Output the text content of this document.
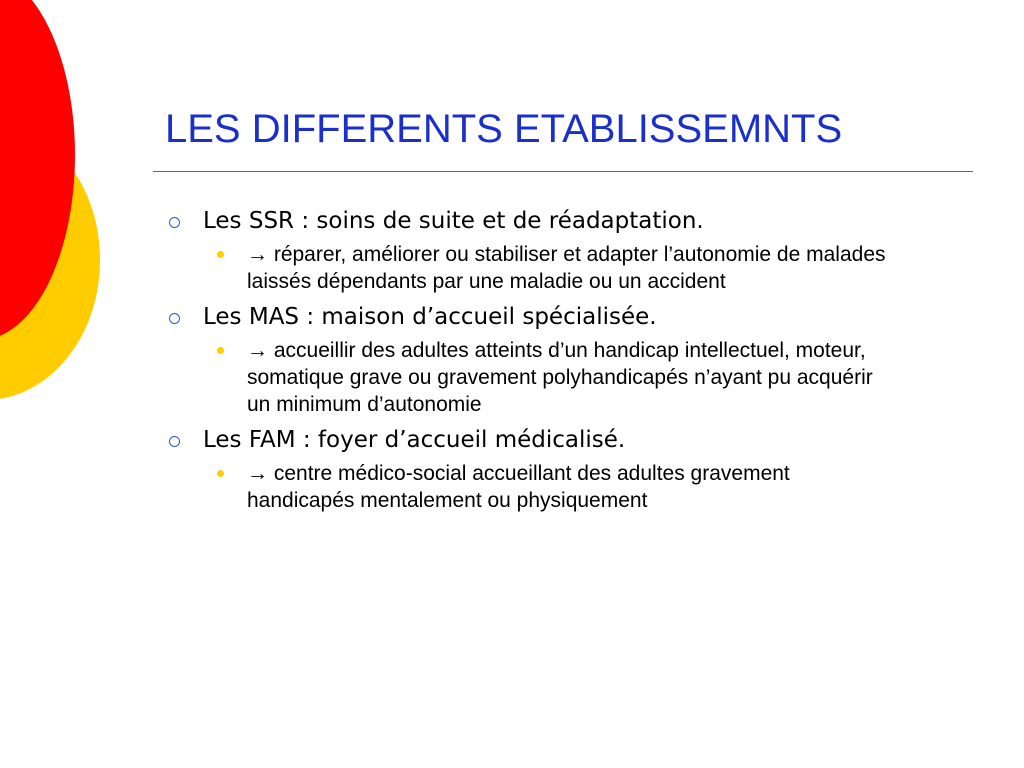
LES DIFFERENTS ETABLISSEMNTS
Les SSR : soins de suite et de réadaptation.
→ réparer, améliorer ou stabiliser et adapter l’autonomie de malades laissés dépendants par une maladie ou un accident
Les MAS : maison d’accueil spécialisée.
→ accueillir des adultes atteints d’un handicap intellectuel, moteur, somatique grave ou gravement polyhandicapés n’ayant pu acquérir un minimum d’autonomie
Les FAM : foyer d’accueil médicalisé.
→ centre médico-social accueillant des adultes gravement handicapés mentalement ou physiquement
